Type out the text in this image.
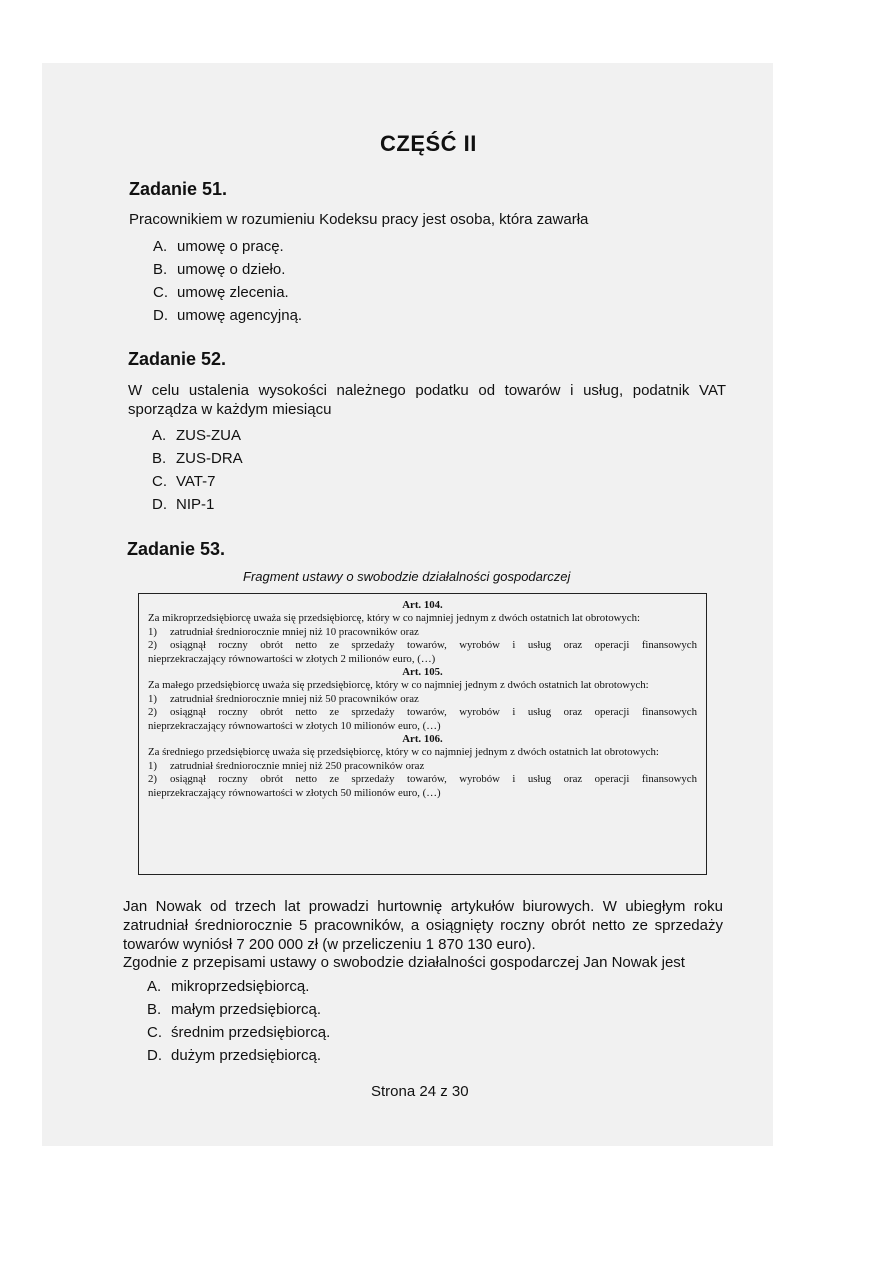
CZĘŚĆ II
Zadanie 51.
Pracownikiem w rozumieniu Kodeksu pracy jest osoba, która zawarła
A. umowę o pracę.
B. umowę o dzieło.
C. umowę zlecenia.
D. umowę agencyjną.
Zadanie 52.
W celu ustalenia wysokości należnego podatku od towarów i usług, podatnik VAT sporządza w każdym miesiącu
A. ZUS-ZUA
B. ZUS-DRA
C. VAT-7
D. NIP-1
Zadanie 53.
Fragment ustawy o swobodzie działalności gospodarczej
Art. 104.

Za mikroprzedsiębiorcę uważa się przedsiębiorcę, który w co najmniej jednym z dwóch ostatnich lat obrotowych:

1)	zatrudniał średniorocznie mniej niż 10 pracowników oraz
2)	osiągnął roczny obrót netto ze sprzedaży towarów, wyrobów i usług oraz operacji finansowych
nieprzekraczający równowartości w złotych 2 milionów euro, (…)
Art. 105.

Za małego przedsiębiorcę uważa się przedsiębiorcę, który w co najmniej jednym z dwóch ostatnich lat obrotowych:

1)	zatrudniał średniorocznie mniej niż 50 pracowników oraz
2)	osiągnął roczny obrót netto ze sprzedaży towarów, wyrobów i usług oraz operacji finansowych
nieprzekraczający równowartości w złotych 10 milionów euro, (…)
Art. 106.

Za średniego przedsiębiorcę uważa się przedsiębiorcę, który w co najmniej jednym z dwóch ostatnich lat obrotowych:

1)	zatrudniał średniorocznie mniej niż 250 pracowników oraz
2)	osiągnął roczny obrót netto ze sprzedaży towarów, wyrobów i usług oraz operacji finansowych
nieprzekraczający równowartości w złotych 50 milionów euro, (…)
Jan Nowak od trzech lat prowadzi hurtownię artykułów biurowych. W ubiegłym roku zatrudniał średniorocznie 5 pracowników, a osiągnięty roczny obrót netto ze sprzedaży towarów wyniósł 7 200 000 zł (w przeliczeniu 1 870 130 euro).
Zgodnie z przepisami ustawy o swobodzie działalności gospodarczej Jan Nowak jest
A. mikroprzedsiębiorcą.
B. małym przedsiębiorcą.
C. średnim przedsiębiorcą.
D. dużym przedsiębiorcą.
Strona 24 z 30
